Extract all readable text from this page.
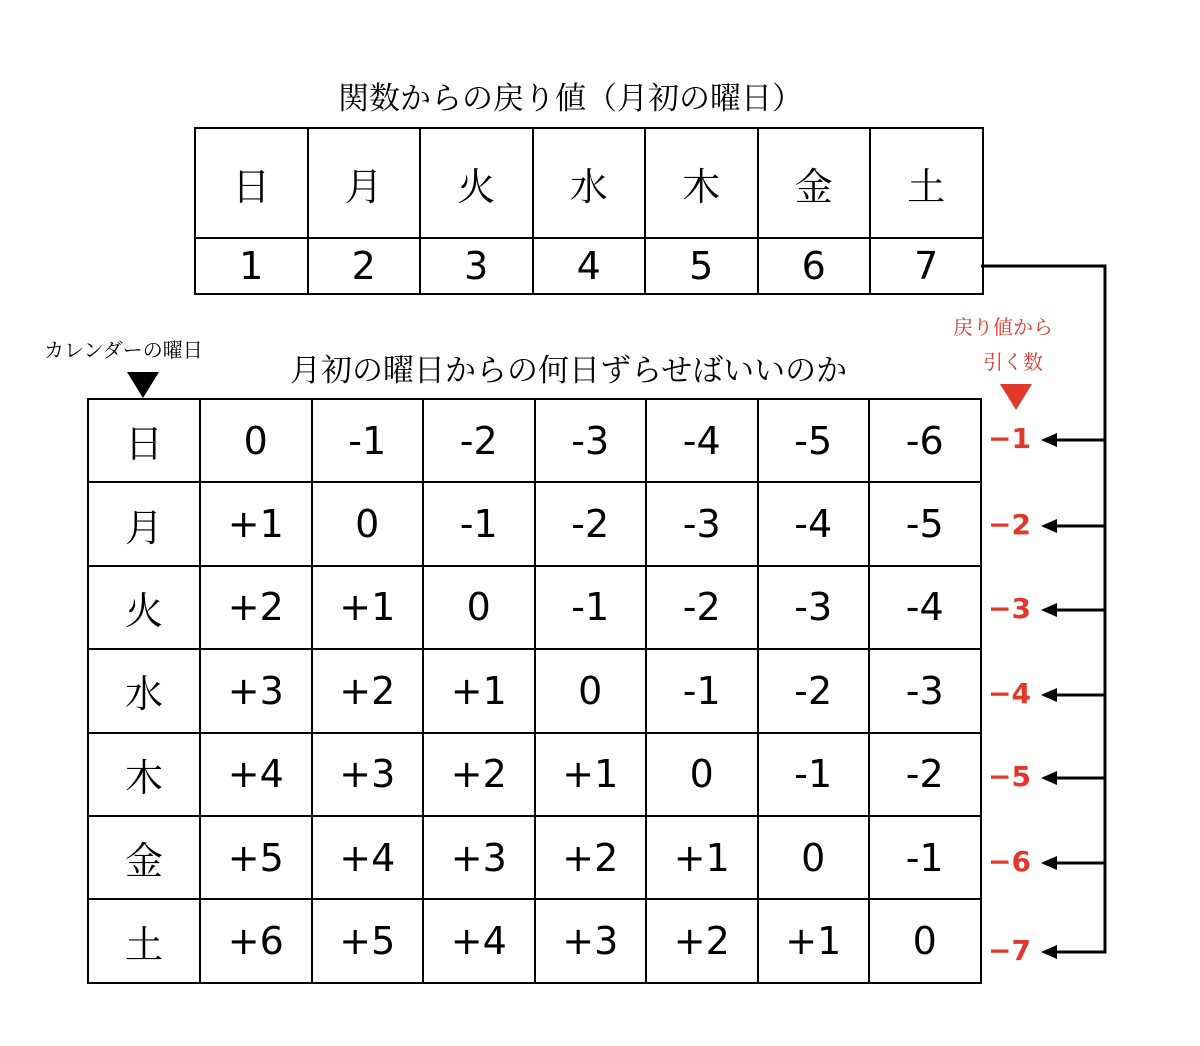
関数からの戻り値（月初の曜日）
日	月	火	水	木	金	土
1	2	3	4	5	6	7
カレンダーの曜日
月初の曜日からの何日ずらせばいいのか
戻り値から
引く数
日	0	-1	-2	-3	-4	-5	-6
月	+1	0	-1	-2	-3	-4	-5
火	+2	+1	0	-1	-2	-3	-4
水	+3	+2	+1	0	-1	-2	-3
木	+4	+3	+2	+1	0	-1	-2
金	+5	+4	+3	+2	+1	0	-1
土	+6	+5	+4	+3	+2	+1	0
−1
−2
−3
−4
−5
−6
−7
